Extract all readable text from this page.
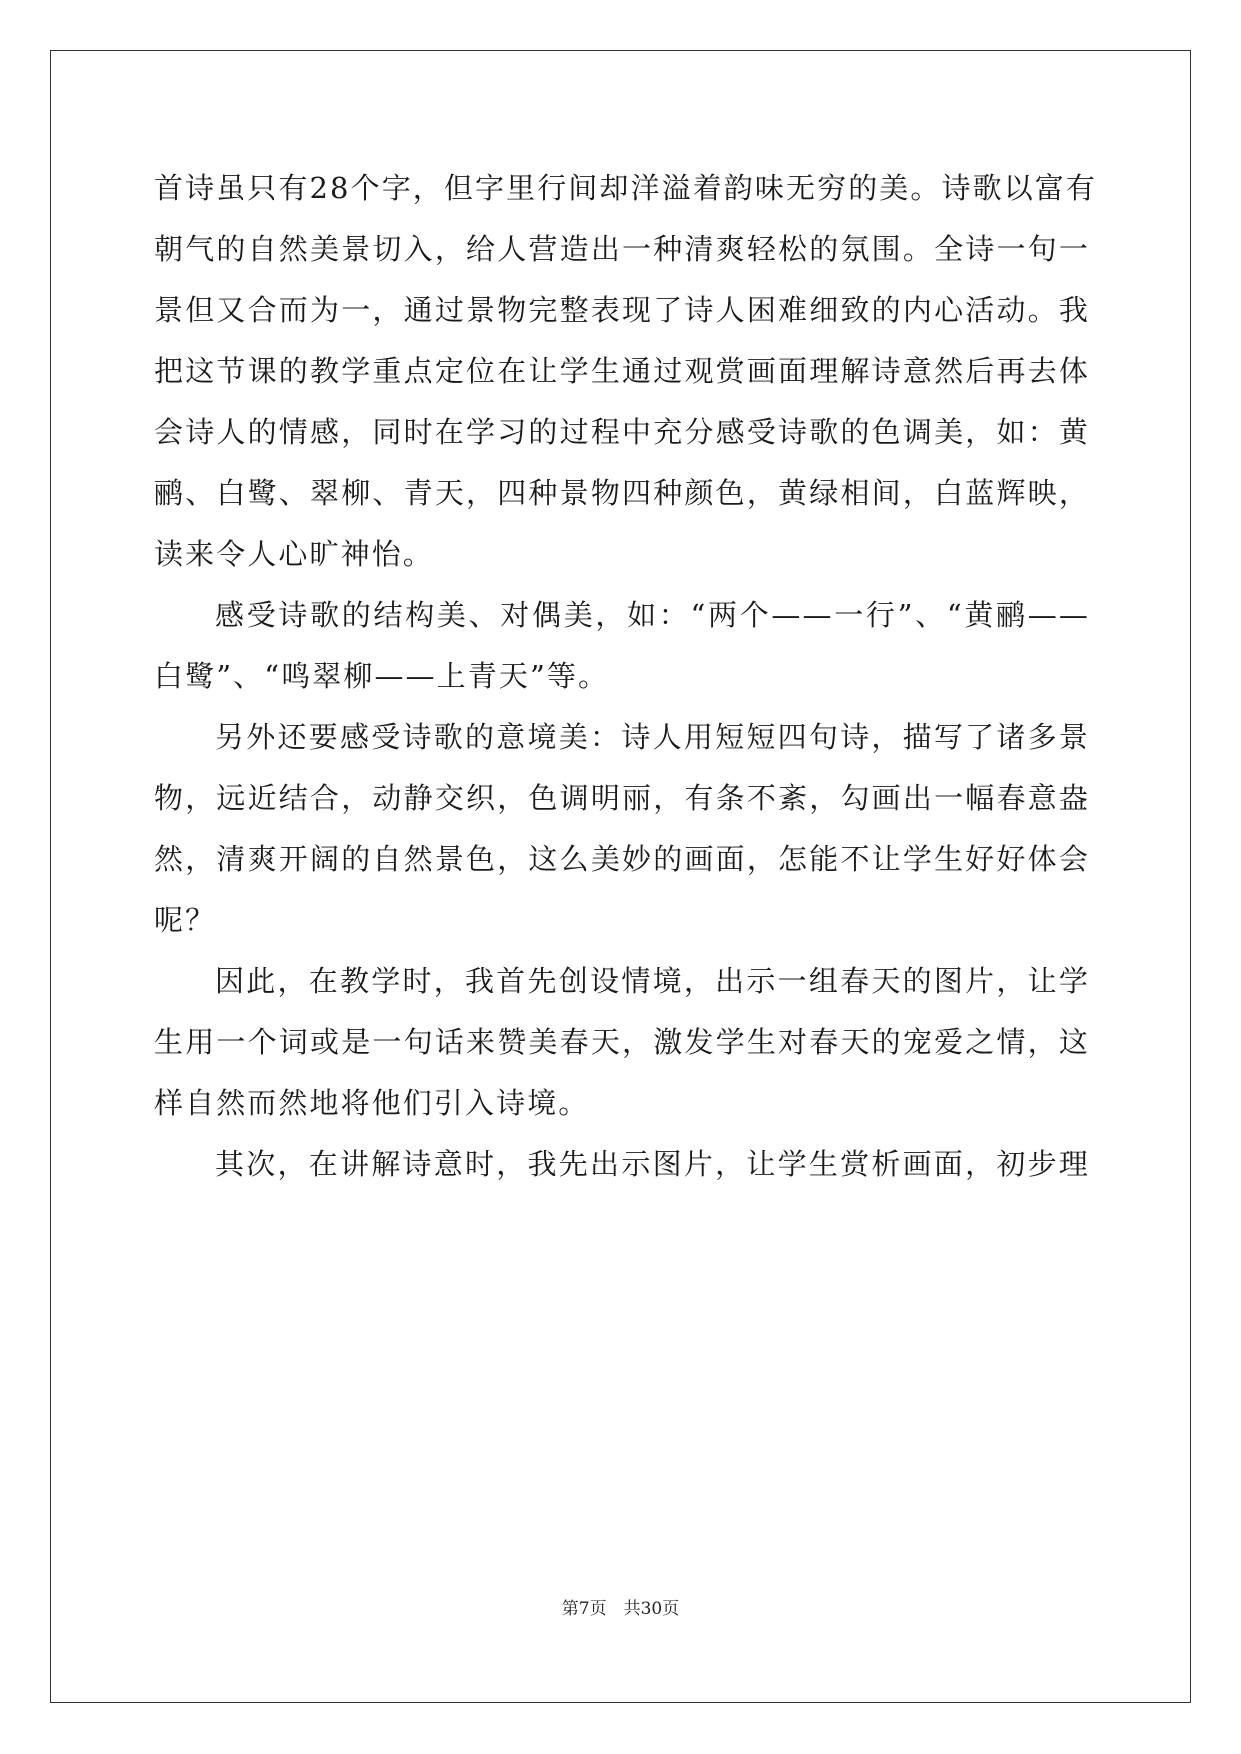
首诗虽只有28个字，但字里行间却洋溢着韵味无穷的美。诗歌以富有
朝气的自然美景切入，给人营造出一种清爽轻松的氛围。全诗一句一
景但又合而为一，通过景物完整表现了诗人困难细致的内心活动。我
把这节课的教学重点定位在让学生通过观赏画面理解诗意然后再去体
会诗人的情感，同时在学习的过程中充分感受诗歌的色调美，如：黄
鹂、白鹭、翠柳、青天，四种景物四种颜色，黄绿相间，白蓝辉映，
读来令人心旷神怡。
感受诗歌的结构美、对偶美，如：“两个——一行”、“黄鹂——
白鹭”、“鸣翠柳——上青天”等。
另外还要感受诗歌的意境美：诗人用短短四句诗，描写了诸多景
物，远近结合，动静交织，色调明丽，有条不紊，勾画出一幅春意盎
然，清爽开阔的自然景色，这么美妙的画面，怎能不让学生好好体会
呢？
因此，在教学时，我首先创设情境，出示一组春天的图片，让学
生用一个词或是一句话来赞美春天，激发学生对春天的宠爱之情，这
样自然而然地将他们引入诗境。
其次，在讲解诗意时，我先出示图片，让学生赏析画面，初步理
第7页　共30页
